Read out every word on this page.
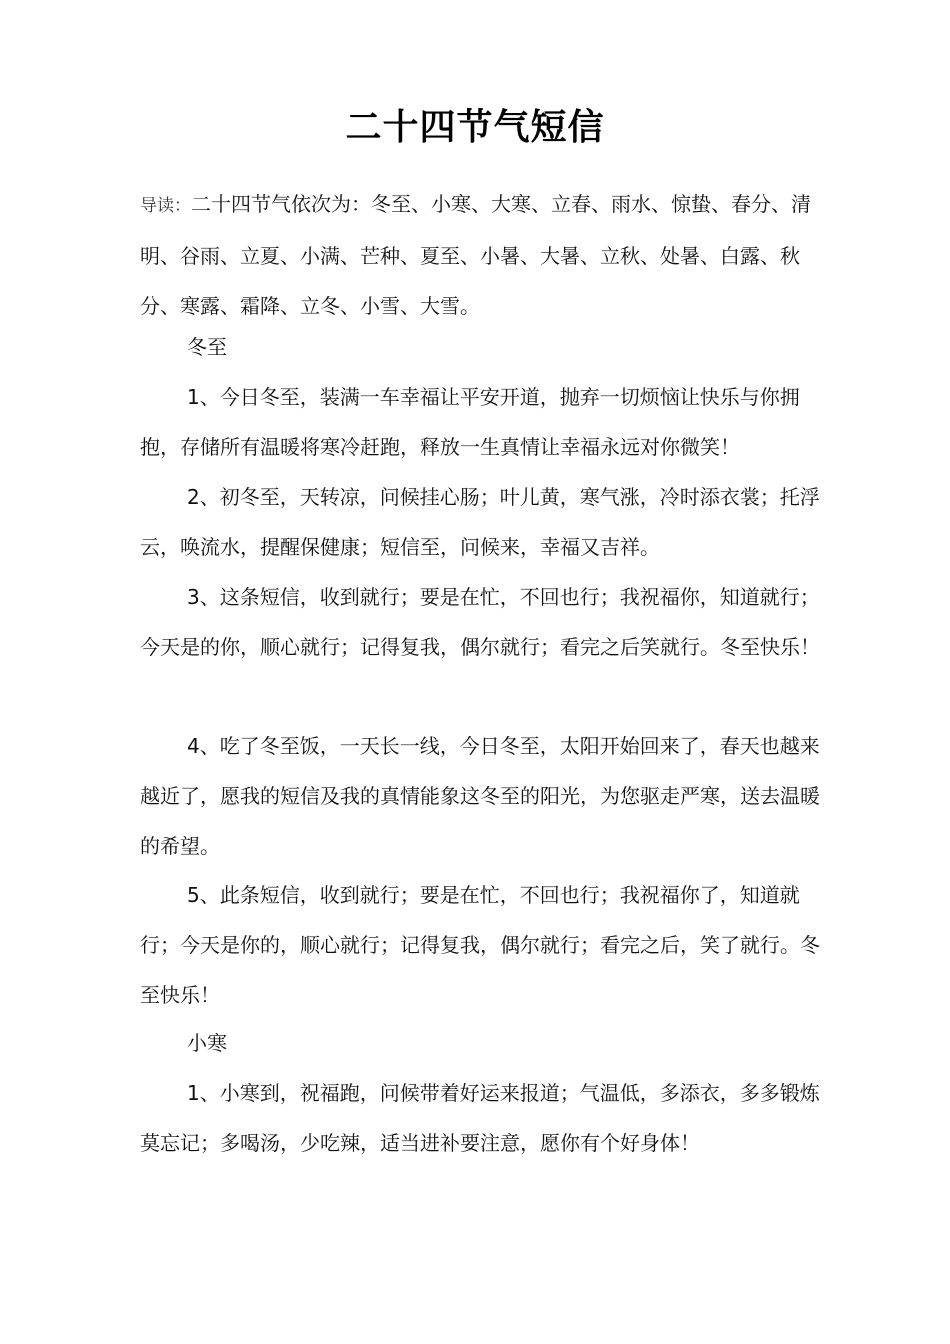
二十四节气短信
导读：二十四节气依次为：冬至、小寒、大寒、立春、雨水、惊蛰、春分、清明、谷雨、立夏、小满、芒种、夏至、小暑、大暑、立秋、处暑、白露、秋分、寒露、霜降、立冬、小雪、大雪。
冬至
1、今日冬至，装满一车幸福让平安开道，抛弃一切烦恼让快乐与你拥抱，存储所有温暖将寒冷赶跑，释放一生真情让幸福永远对你微笑！
2、初冬至，天转凉，问候挂心肠；叶儿黄，寒气涨，冷时添衣裳；托浮云，唤流水，提醒保健康；短信至，问候来，幸福又吉祥。
3、这条短信，收到就行；要是在忙，不回也行；我祝福你，知道就行；今天是的你，顺心就行；记得复我，偶尔就行；看完之后笑就行。冬至快乐！
4、吃了冬至饭，一天长一线，今日冬至，太阳开始回来了，春天也越来越近了，愿我的短信及我的真情能象这冬至的阳光，为您驱走严寒，送去温暖的希望。
5、此条短信，收到就行；要是在忙，不回也行；我祝福你了，知道就行；今天是你的，顺心就行；记得复我，偶尔就行；看完之后，笑了就行。冬至快乐！
小寒
1、小寒到，祝福跑，问候带着好运来报道；气温低，多添衣，多多锻炼莫忘记；多喝汤，少吃辣，适当进补要注意，愿你有个好身体！
